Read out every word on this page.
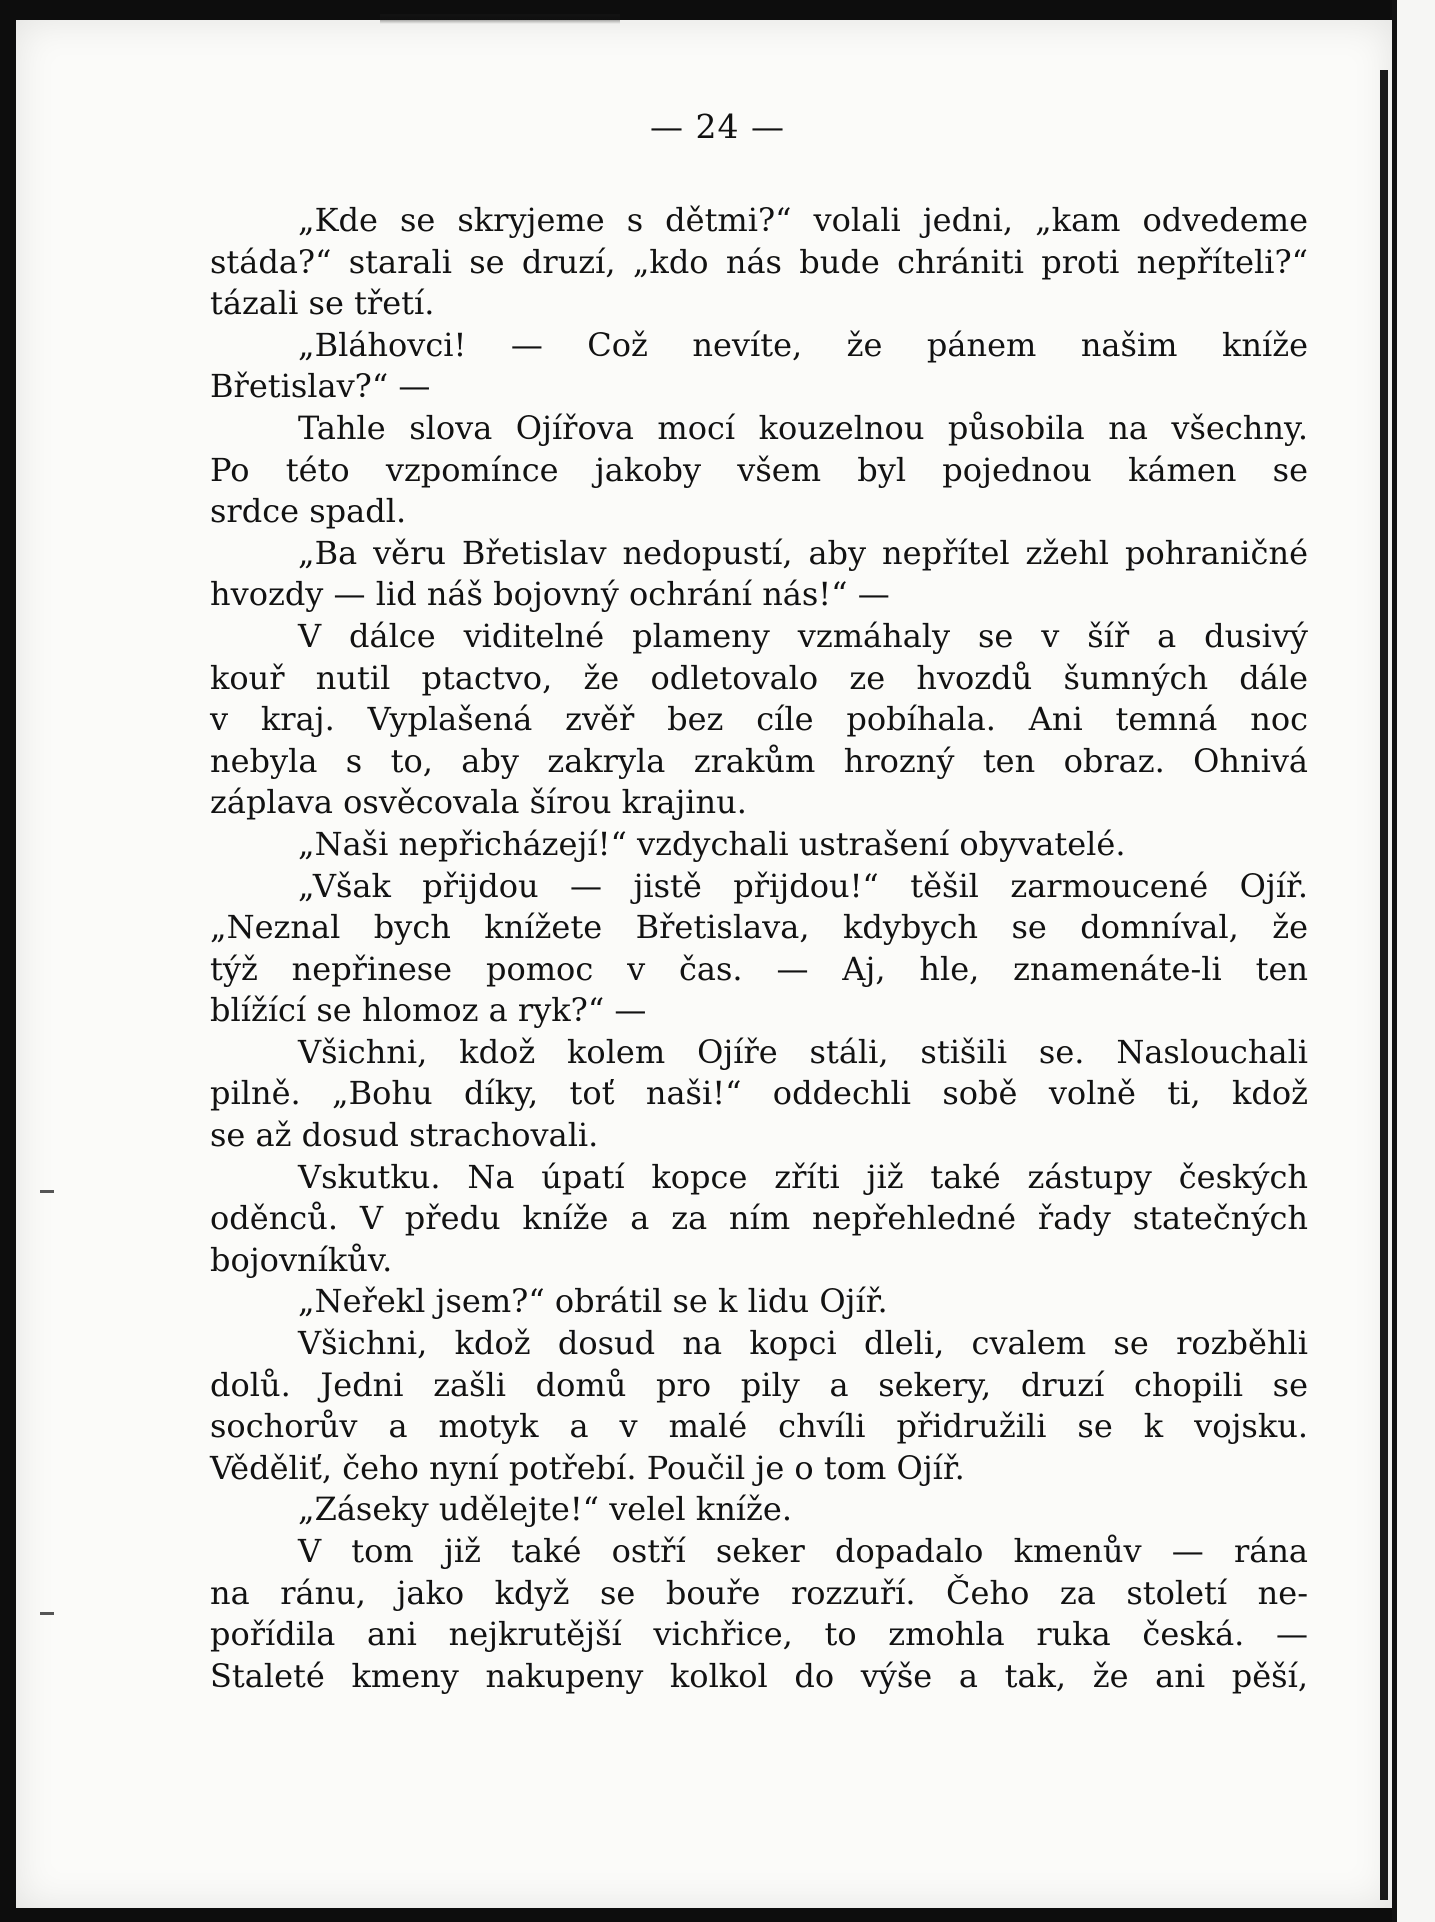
— 24 —
„Kde se skryjeme s dětmi?“ volali jedni, „kam odvedeme
stáda?“ starali se druzí, „kdo nás bude chrániti proti nepříteli?“
tázali se třetí.
„Bláhovci! — Což nevíte, že pánem našim kníže
Břetislav?“ —
Tahle slova Ojířova mocí kouzelnou působila na všechny.
Po této vzpomínce jakoby všem byl pojednou kámen se
srdce spadl.
„Ba věru Břetislav nedopustí, aby nepřítel zžehl pohraničné
hvozdy — lid náš bojovný ochrání nás!“ —
V dálce viditelné plameny vzmáhaly se v šíř a dusivý
kouř nutil ptactvo, že odletovalo ze hvozdů šumných dále
v kraj. Vyplašená zvěř bez cíle pobíhala. Ani temná noc
nebyla s to, aby zakryla zrakům hrozný ten obraz. Ohnivá
záplava osvěcovala šírou krajinu.
„Naši nepřicházejí!“ vzdychali ustrašení obyvatelé.
„Však přijdou — jistě přijdou!“ těšil zarmoucené Ojíř.
„Neznal bych knížete Břetislava, kdybych se domníval, že
týž nepřinese pomoc v čas. — Aj, hle, znamenáte-li ten
blížící se hlomoz a ryk?“ —
Všichni, kdož kolem Ojíře stáli, stišili se. Naslouchali
pilně. „Bohu díky, toť naši!“ oddechli sobě volně ti, kdož
se až dosud strachovali.
Vskutku. Na úpatí kopce zříti již také zástupy českých
oděnců. V předu kníže a za ním nepřehledné řady statečných
bojovníkův.
„Neřekl jsem?“ obrátil se k lidu Ojíř.
Všichni, kdož dosud na kopci dleli, cvalem se rozběhli
dolů. Jedni zašli domů pro pily a sekery, druzí chopili se
sochorův a motyk a v malé chvíli přidružili se k vojsku.
Věděliť, čeho nyní potřebí. Poučil je o tom Ojíř.
„Záseky udělejte!“ velel kníže.
V tom již také ostří seker dopadalo kmenův — rána
na ránu, jako když se bouře rozzuří. Čeho za století ne-
pořídila ani nejkrutější vichřice, to zmohla ruka česká. —
Staleté kmeny nakupeny kolkol do výše a tak, že ani pěší,
